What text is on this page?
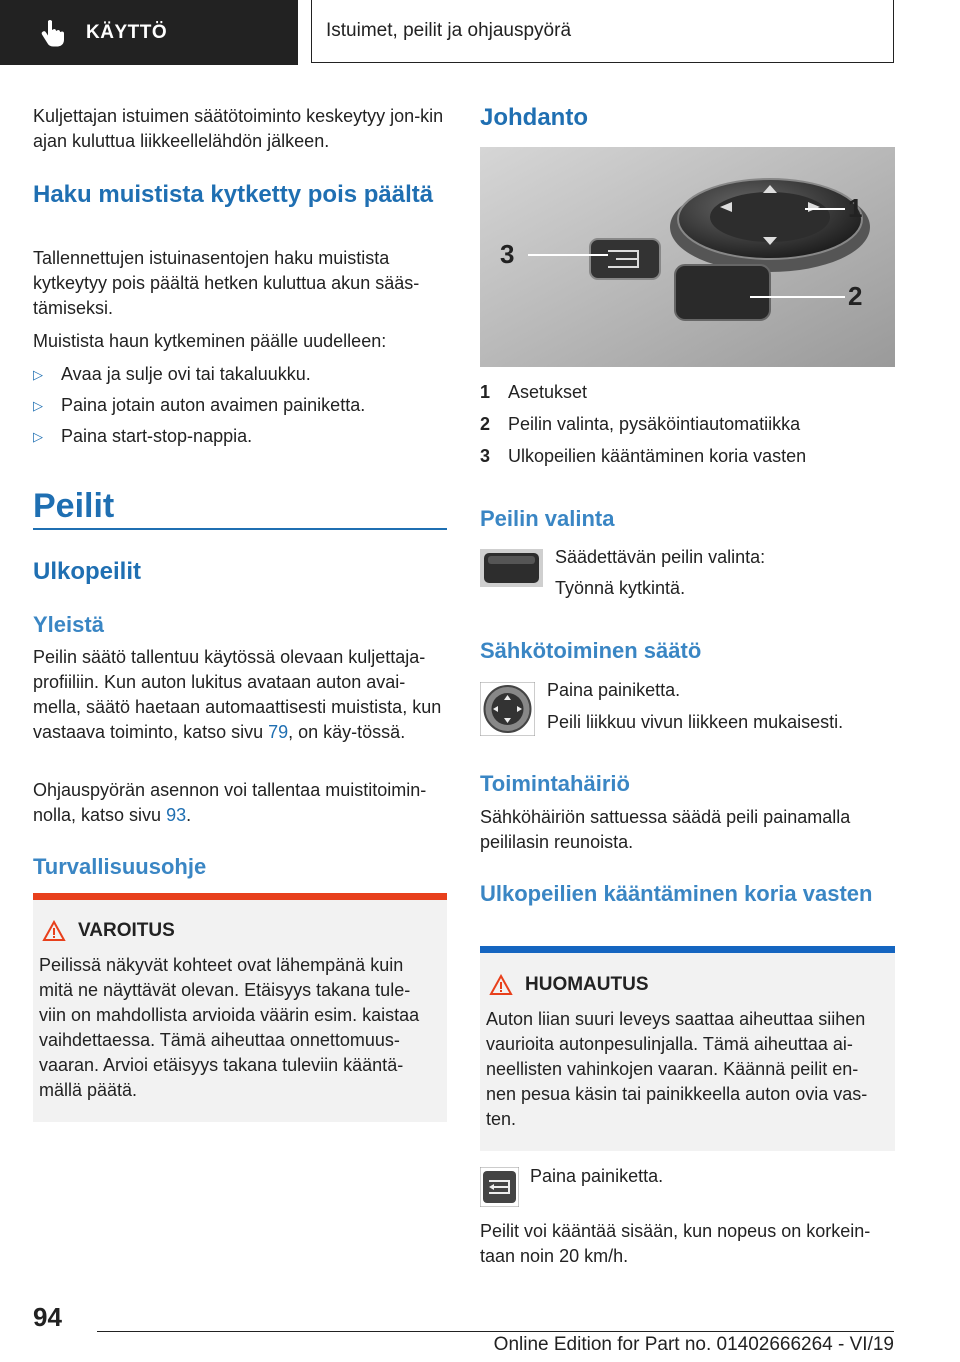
KÄYTTÖ	Istuimet, peilit ja ohjauspyörä

Kuljettajan istuimen säätötoiminto keskeytyy jon-kin ajan kuluttua liikkeellelähdön jälkeen.

Haku muistista kytketty pois päältä

Tallennettujen istuinasentojen haku muistista kytkeytyy pois päältä hetken kuluttua akun sääs-tämiseksi.

Muistista haun kytkeminen päälle uudelleen:

▷	Avaa ja sulje ovi tai takaluukku.
▷	Paina jotain auton avaimen painiketta.
▷	Paina start-stop-nappia.
Peilit
Ulkopeilit
Yleistä

Peilin säätö tallentuu käytössä olevaan kuljettaja-profiiliin. Kun auton lukitus avataan auton avai-mella, säätö haetaan automaattisesti muistista, kun vastaava toiminto, katso sivu 79, on käy-tössä.

Ohjauspyörän asennon voi tallentaa muistitoimin-nolla, katso sivu 93.

Turvallisuusohje
VAROITUS

Peilissä näkyvät kohteet ovat lähempänä kuin mitä ne näyttävät olevan. Etäisyys takana tule-viin on mahdollista arvioida väärin esim. kaistaa vaihdettaessa. Tämä aiheuttaa onnettomuus-vaaran. Arvioi etäisyys takana tuleviin kääntä-mällä päätä.

Johdanto
1
2
3
1 Asetukset
2 Peilin valinta, pysäköintiautomatiikka
3 Ulkopeilien kääntäminen koria vasten
Peilin valinta

Säädettävän peilin valinta:

Työnnä kytkintä.

Sähkötoiminen säätö

Paina painiketta.

Peili liikkuu vivun liikkeen mukaisesti.

Toimintahäiriö

Sähköhäiriön sattuessa säädä peili painamalla peililasin reunoista.

Ulkopeilien kääntäminen koria vasten
HUOMAUTUS

Auton liian suuri leveys saattaa aiheuttaa siihen vaurioita autonpesulinjalla. Tämä aiheuttaa ai-neellisten vahinkojen vaaran. Käännä peilit en-nen pesua käsin tai painikkeella auton ovia vas-ten.

Paina painiketta.

Peilit voi kääntää sisään, kun nopeus on korkein-taan noin 20 km/h.

94
Online Edition for Part no. 01402666264 - VI/19
